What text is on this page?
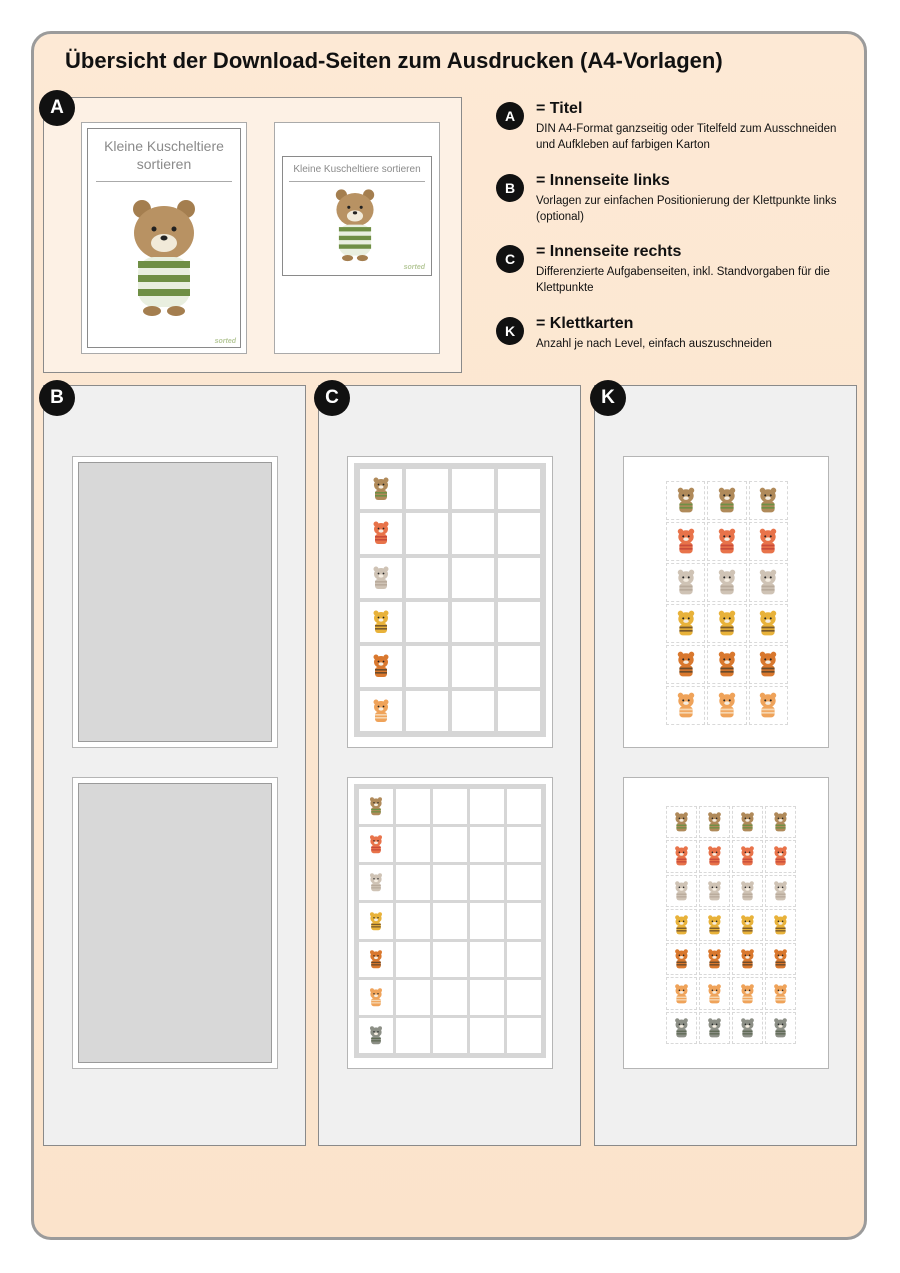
Übersicht der Download-Seiten zum Ausdrucken (A4-Vorlagen)
Kleine Kuscheltiere sortieren
sorted
Kleine Kuscheltiere sortieren
sorted
A	A	= Titel
DIN A4-Format ganzseitig oder Titelfeld zum Ausschneiden und Aufkleben auf farbigen Karton
B	= Innenseite links
Vorlagen zur einfachen Positionierung der Klettpunkte links (optional)
C	= Innenseite rechts
Differenzierte Aufgabenseiten, inkl. Standvorgaben für die Klettpunkte
K	= Klettkarten
Anzahl je nach Level, einfach auszuschneiden
B	C	K
